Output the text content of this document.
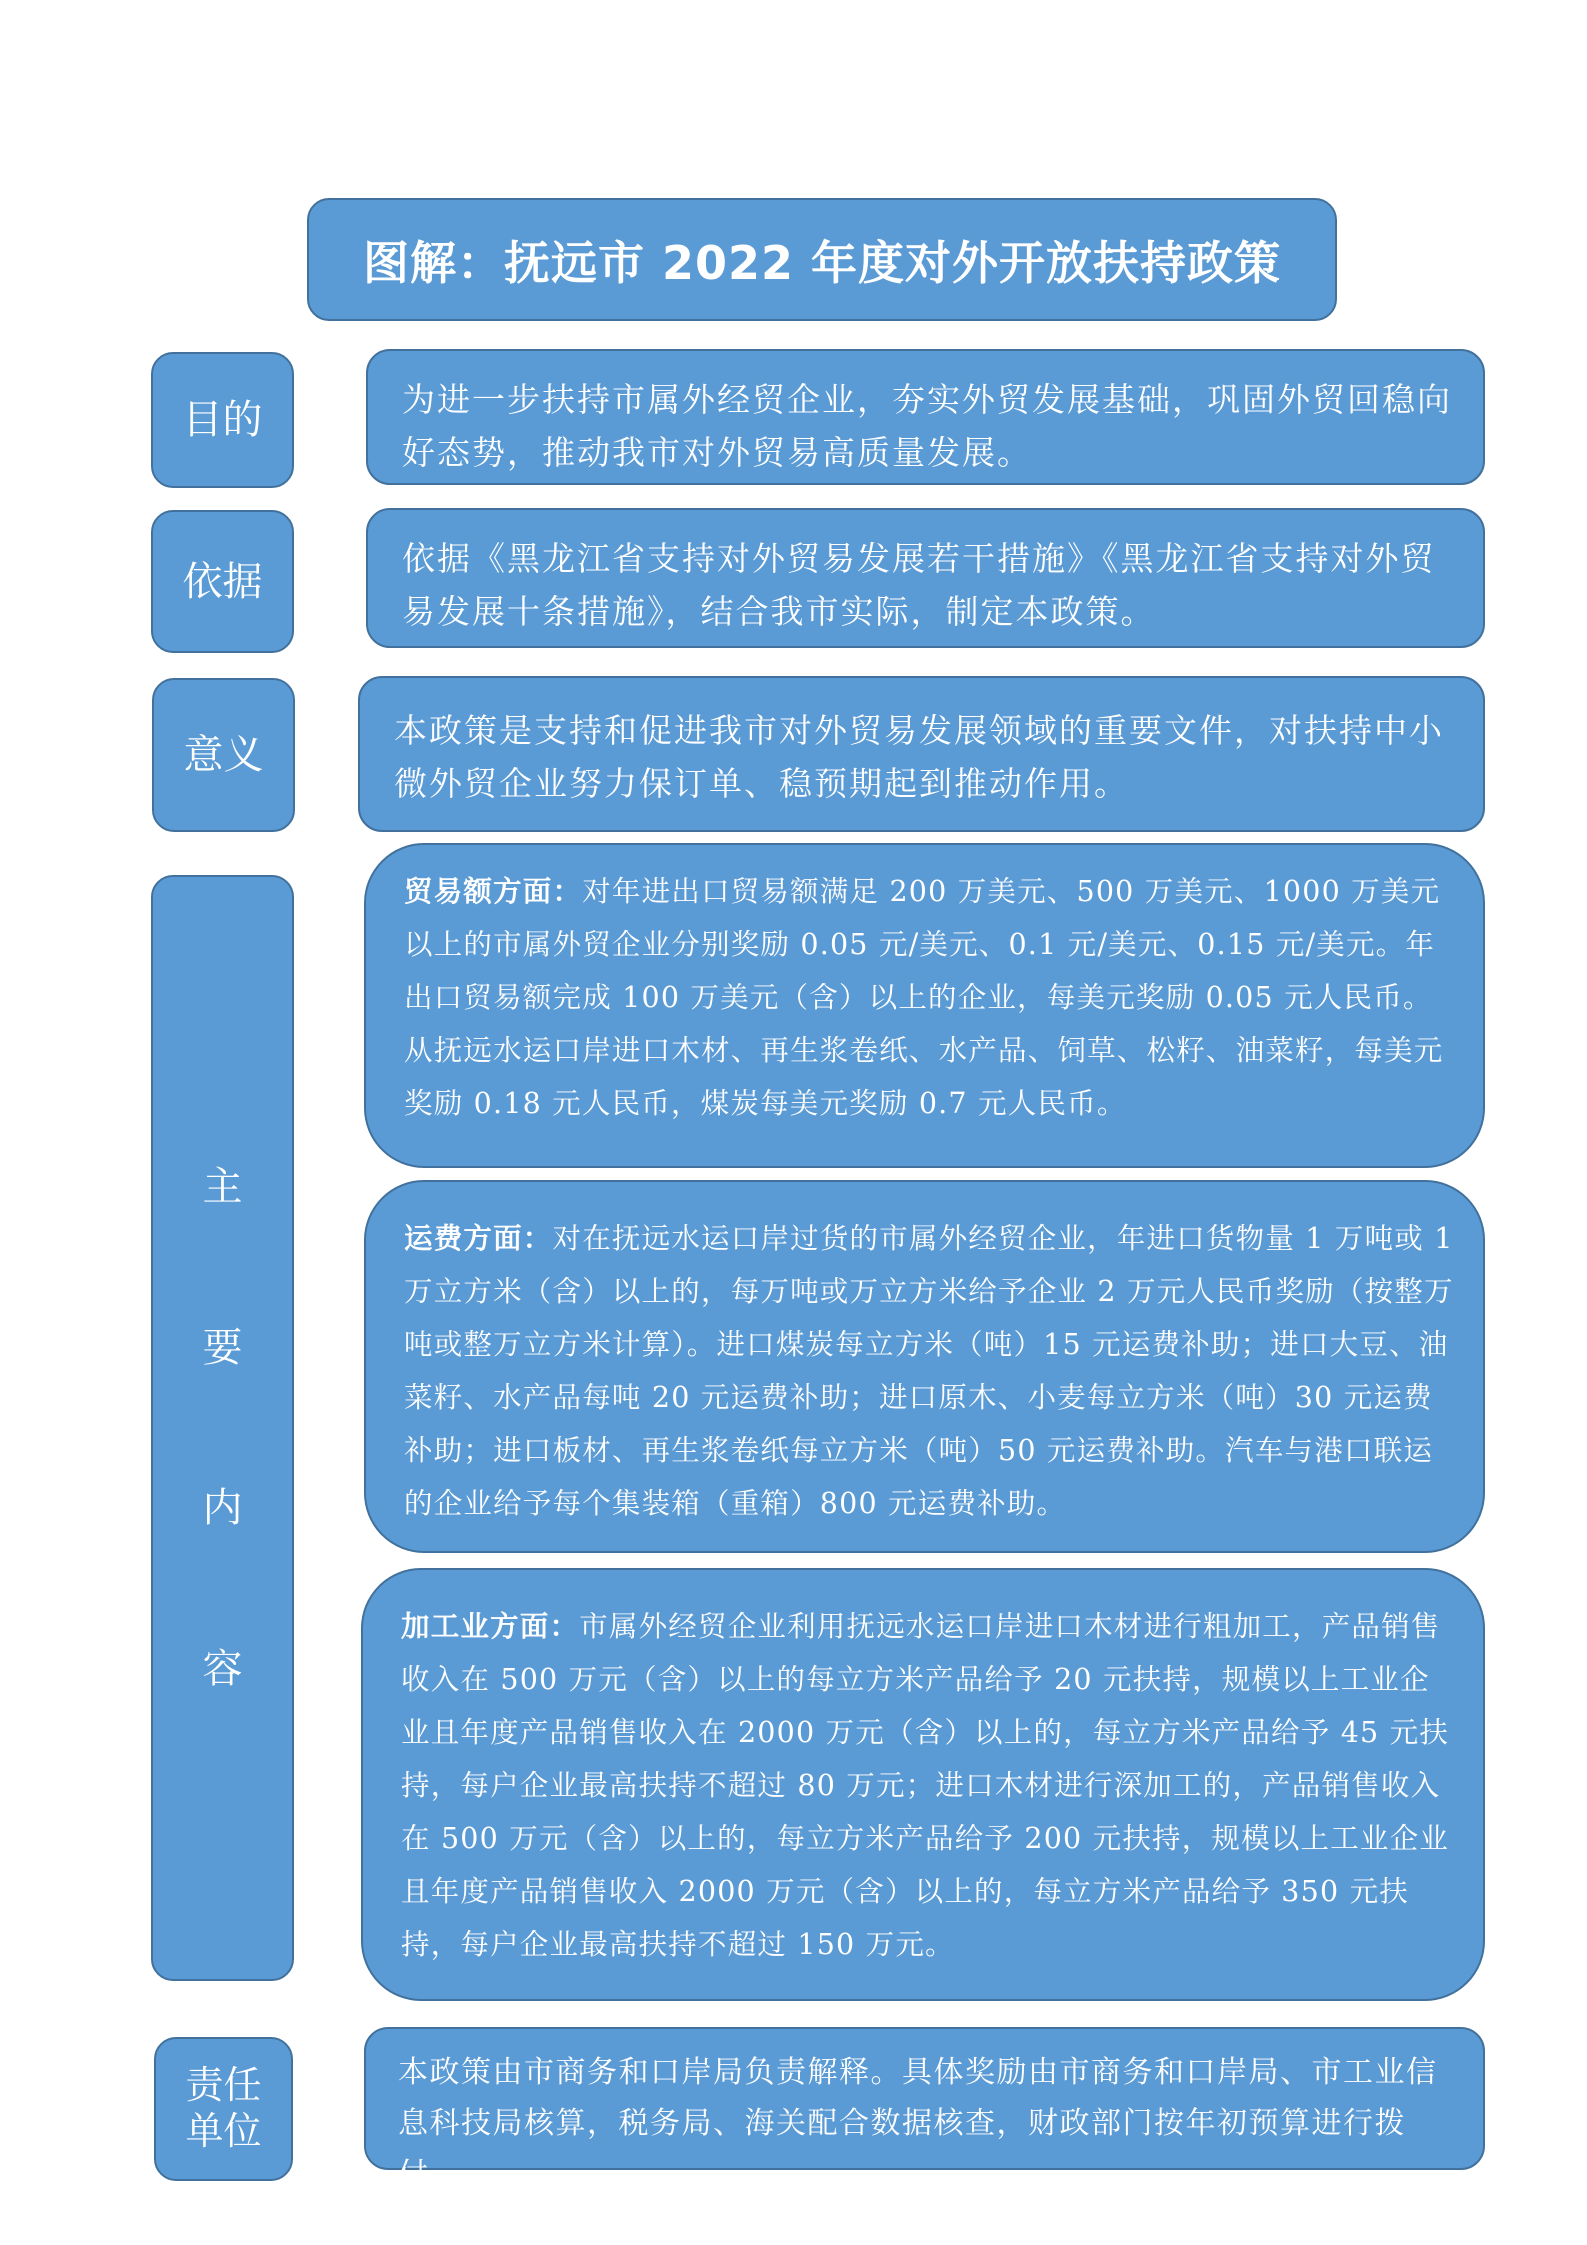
图解：抚远市 2022 年度对外开放扶持政策
目的	为进一步扶持市属外经贸企业，夯实外贸发展基础，巩固外贸回稳向好态势，推动我市对外贸易高质量发展。
依据	依据《黑龙江省支持对外贸易发展若干措施》《黑龙江省支持对外贸易发展十条措施》，结合我市实际，制定本政策。
意义
本政策是支持和促进我市对外贸易发展领域的重要文件，对扶持中小微外贸企业努力保订单、稳预期起到推动作用。
主
要
内
容
贸易额方面：对年进出口贸易额满足 200 万美元、500 万美元、1000 万美元以上的市属外贸企业分别奖励 0.05 元/美元、0.1 元/美元、0.15 元/美元。年出口贸易额完成 100 万美元（含）以上的企业，每美元奖励 0.05 元人民币。从抚远水运口岸进口木材、再生浆卷纸、水产品、饲草、松籽、油菜籽，每美元奖励 0.18 元人民币，煤炭每美元奖励 0.7 元人民币。
运费方面：对在抚远水运口岸过货的市属外经贸企业，年进口货物量 1 万吨或 1 万立方米（含）以上的，每万吨或万立方米给予企业 2 万元人民币奖励（按整万吨或整万立方米计算）。进口煤炭每立方米（吨）15 元运费补助；进口大豆、油菜籽、水产品每吨 20 元运费补助；进口原木、小麦每立方米（吨）30 元运费补助；进口板材、再生浆卷纸每立方米（吨）50 元运费补助。汽车与港口联运的企业给予每个集装箱（重箱）800 元运费补助。
加工业方面：市属外经贸企业利用抚远水运口岸进口木材进行粗加工，产品销售收入在 500 万元（含）以上的每立方米产品给予 20 元扶持，规模以上工业企业且年度产品销售收入在 2000 万元（含）以上的，每立方米产品给予 45 元扶持，每户企业最高扶持不超过 80 万元；进口木材进行深加工的，产品销售收入在 500 万元（含）以上的，每立方米产品给予 200 元扶持，规模以上工业企业且年度产品销售收入 2000 万元（含）以上的，每立方米产品给予 350 元扶持，每户企业最高扶持不超过 150 万元。
责任单位
本政策由市商务和口岸局负责解释。具体奖励由市商务和口岸局、市工业信息科技局核算，税务局、海关配合数据核查，财政部门按年初预算进行拨付。
